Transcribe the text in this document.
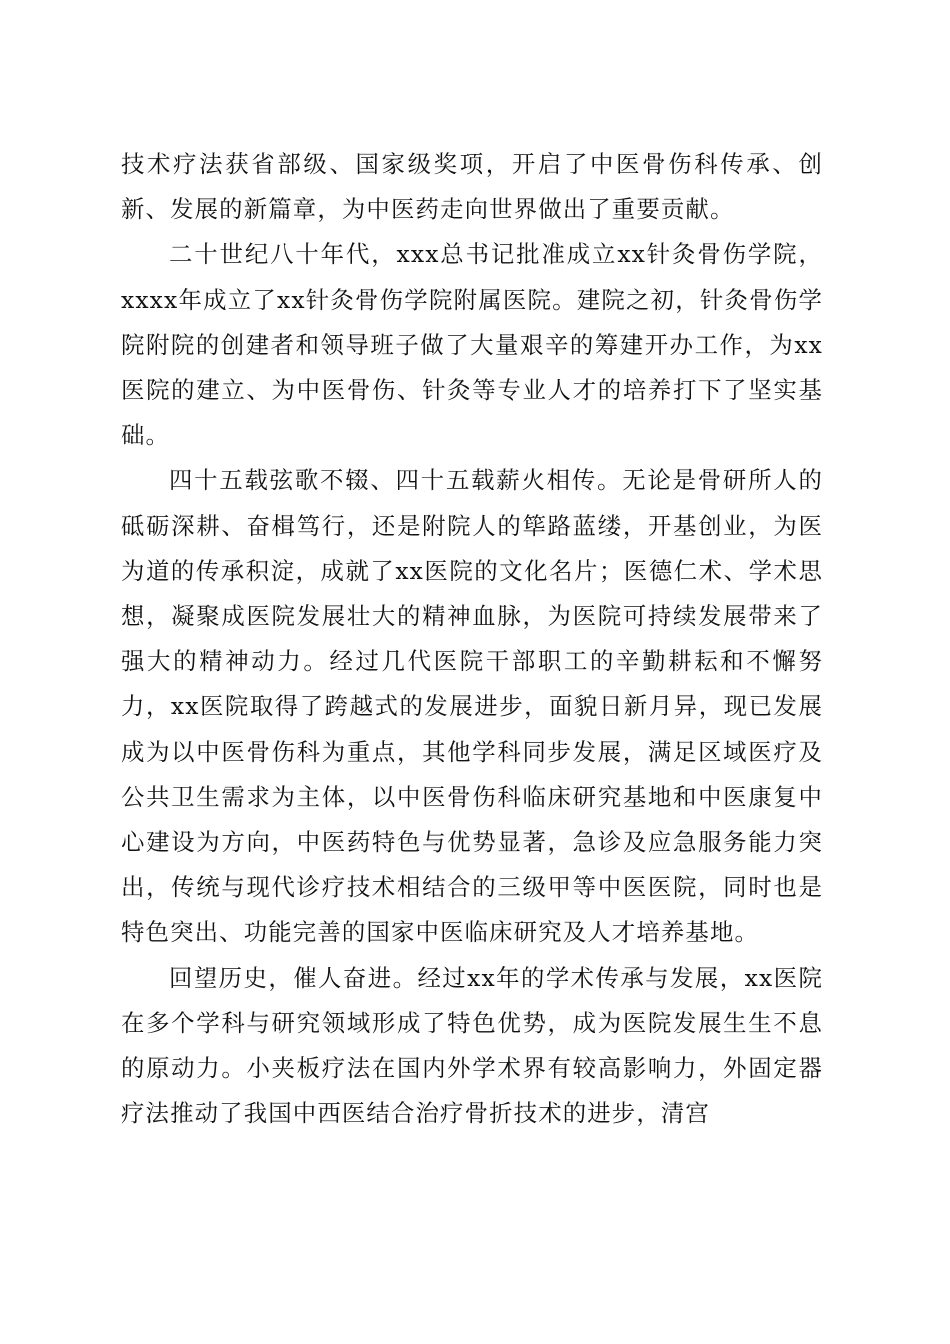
技术疗法获省部级、国家级奖项，开启了中医骨伤科传承、创新、发展的新篇章，为中医药走向世界做出了重要贡献。

二十世纪八十年代，xxx总书记批准成立xx针灸骨伤学院，xxxx年成立了xx针灸骨伤学院附属医院。建院之初，针灸骨伤学院附院的创建者和领导班子做了大量艰辛的筹建开办工作，为xx医院的建立、为中医骨伤、针灸等专业人才的培养打下了坚实基础。

四十五载弦歌不辍、四十五载薪火相传。无论是骨研所人的砥砺深耕、奋楫笃行，还是附院人的筚路蓝缕，开基创业，为医为道的传承积淀，成就了xx医院的文化名片；医德仁术、学术思想，凝聚成医院发展壮大的精神血脉，为医院可持续发展带来了强大的精神动力。经过几代医院干部职工的辛勤耕耘和不懈努力，xx医院取得了跨越式的发展进步，面貌日新月异，现已发展成为以中医骨伤科为重点，其他学科同步发展，满足区域医疗及公共卫生需求为主体，以中医骨伤科临床研究基地和中医康复中心建设为方向，中医药特色与优势显著，急诊及应急服务能力突出，传统与现代诊疗技术相结合的三级甲等中医医院，同时也是特色突出、功能完善的国家中医临床研究及人才培养基地。

回望历史，催人奋进。经过xx年的学术传承与发展，xx医院在多个学科与研究领域形成了特色优势，成为医院发展生生不息的原动力。小夹板疗法在国内外学术界有较高影响力，外固定器疗法推动了我国中西医结合治疗骨折技术的进步，清宫
